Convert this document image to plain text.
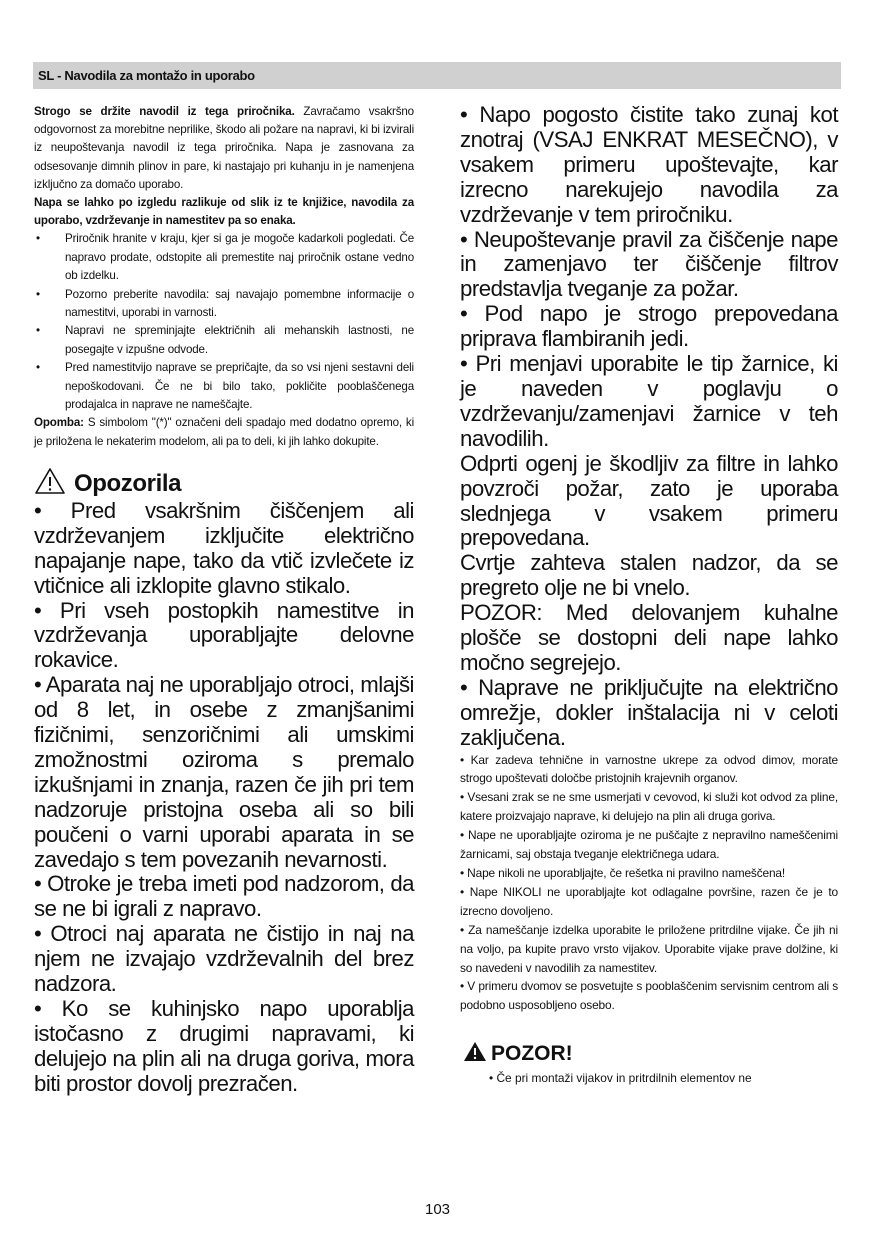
SL - Navodila za montažo in uporabo

Strogo se držite navodil iz tega priročnika. Zavračamo vsakršno odgovornost za morebitne neprilike, škodo ali požare na napravi, ki bi izvirali iz neupoštevanja navodil iz tega priročnika. Napa je zasnovana za odsesovanje dimnih plinov in pare, ki nastajajo pri kuhanju in je namenjena izključno za domačo uporabo.

Napa se lahko po izgledu razlikuje od slik iz te knjižice, navodila za uporabo, vzdrževanje in namestitev pa so enaka.

• Priročnik hranite v kraju, kjer si ga je mogoče kadarkoli pogledati. Če napravo prodate, odstopite ali premestite naj priročnik ostane vedno ob izdelku.
• Pozorno preberite navodila: saj navajajo pomembne informacije o namestitvi, uporabi in varnosti.
• Napravi ne spreminjajte električnih ali mehanskih lastnosti, ne posegajte v izpušne odvode.
• Pred namestitvijo naprave se prepričajte, da so vsi njeni sestavni deli nepoškodovani. Če ne bi bilo tako, pokličite pooblaščenega prodajalca in naprave ne nameščajte.

Opomba: S simbolom "(*)" označeni deli spadajo med dodatno opremo, ki je priložena le nekaterim modelom, ali pa to deli, ki jih lahko dokupite.

Opozorila

• Pred vsakršnim čiščenjem ali vzdrževanjem izključite električno napajanje nape, tako da vtič izvlečete iz vtičnice ali izklopite glavno stikalo.

• Pri vseh postopkih namestitve in vzdrževanja uporabljajte delovne rokavice.

• Aparata naj ne uporabljajo otroci, mlajši od 8 let, in osebe z zmanjšanimi fizičnimi, senzoričnimi ali umskimi zmožnostmi oziroma s premalo izkušnjami in znanja, razen če jih pri tem nadzoruje pristojna oseba ali so bili poučeni o varni uporabi aparata in se zavedajo s tem povezanih nevarnosti.

• Otroke je treba imeti pod nadzorom, da se ne bi igrali z napravo.

• Otroci naj aparata ne čistijo in naj na njem ne izvajajo vzdrževalnih del brez nadzora.

• Ko se kuhinjsko napo uporablja istočasno z drugimi napravami, ki delujejo na plin ali na druga goriva, mora biti prostor dovolj prezračen.

• Napo pogosto čistite tako zunaj kot znotraj (VSAJ ENKRAT MESEČNO), v vsakem primeru upoštevajte, kar izrecno narekujejo navodila za vzdrževanje v tem priročniku.

• Neupoštevanje pravil za čiščenje nape in zamenjavo ter čiščenje filtrov predstavlja tveganje za požar.

• Pod napo je strogo prepovedana priprava flambiranih jedi.

• Pri menjavi uporabite le tip žarnice, ki je naveden v poglavju o vzdrževanju/zamenjavi žarnice v teh navodilih.

Odprti ogenj je škodljiv za filtre in lahko povzroči požar, zato je uporaba slednjega v vsakem primeru prepovedana.

Cvrtje zahteva stalen nadzor, da se pregreto olje ne bi vnelo.

POZOR: Med delovanjem kuhalne plošče se dostopni deli nape lahko močno segrejejo.

• Naprave ne priključujte na električno omrežje, dokler inštalacija ni v celoti zaključena.

• Kar zadeva tehnične in varnostne ukrepe za odvod dimov, morate strogo upoštevati določbe pristojnih krajevnih organov.

• Vsesani zrak se ne sme usmerjati v cevovod, ki služi kot odvod za pline, katere proizvajajo naprave, ki delujejo na plin ali druga goriva.

• Nape ne uporabljajte oziroma je ne puščajte z nepravilno nameščenimi žarnicami, saj obstaja tveganje električnega udara.

• Nape nikoli ne uporabljajte, če rešetka ni pravilno nameščena!

• Nape NIKOLI ne uporabljajte kot odlagalne površine, razen če je to izrecno dovoljeno.

• Za nameščanje izdelka uporabite le priložene pritrdilne vijake. Če jih ni na voljo, pa kupite pravo vrsto vijakov. Uporabite vijake prave dolžine, ki so navedeni v navodilih za namestitev.

• V primeru dvomov se posvetujte s pooblaščenim servisnim centrom ali s podobno usposobljeno osebo.

POZOR!

• Če pri montaži vijakov in pritrdilnih elementov ne

103
